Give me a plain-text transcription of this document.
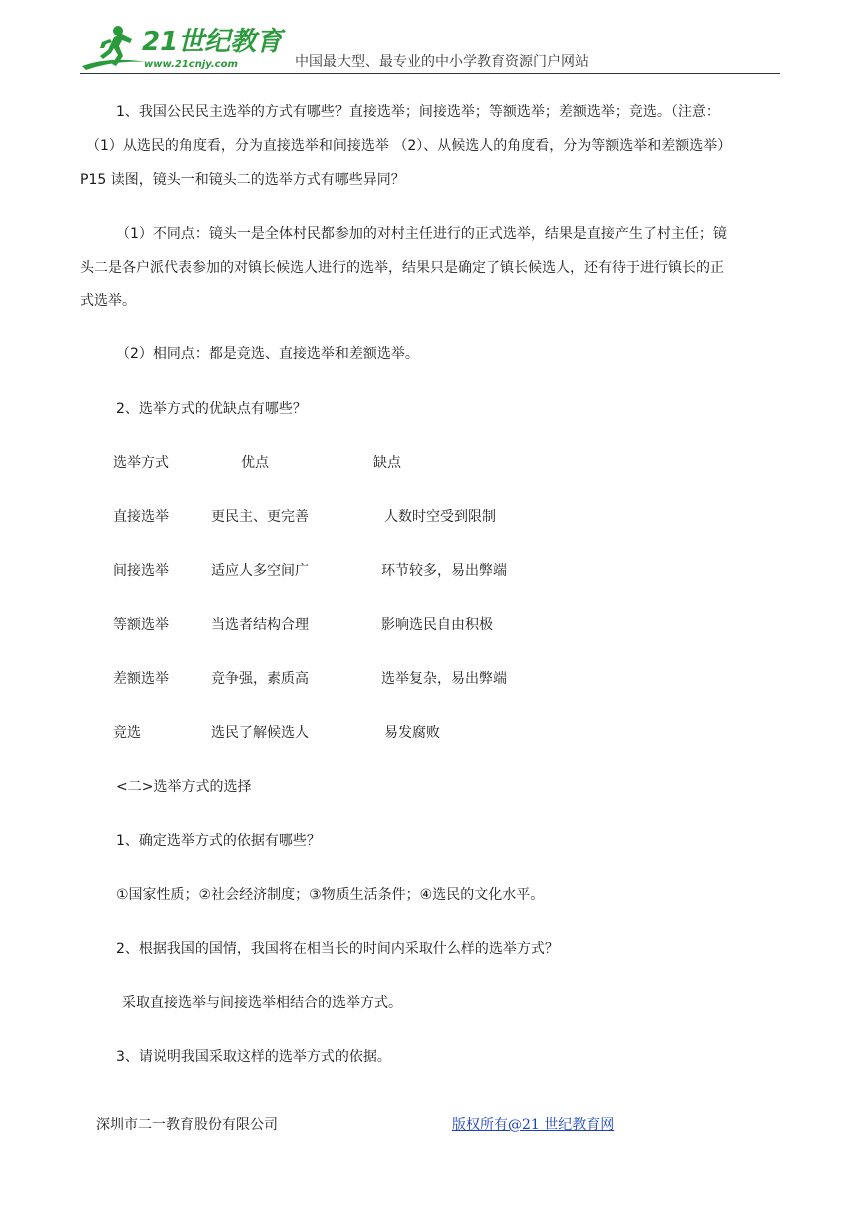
21世纪教育
www.21cnjy.com	中国最大型、最专业的中小学教育资源门户网站
1、我国公民民主选举的方式有哪些？直接选举；间接选举；等额选举；差额选举；竞选。（注意：
（1）从选民的角度看，分为直接选举和间接选举 （2）、从候选人的角度看，分为等额选举和差额选举）
P15 读图，镜头一和镜头二的选举方式有哪些异同？
（1）不同点：镜头一是全体村民都参加的对村主任进行的正式选举，结果是直接产生了村主任；镜
头二是各户派代表参加的对镇长候选人进行的选举，结果只是确定了镇长候选人，还有待于进行镇长的正
式选举。
（2）相同点：都是竞选、直接选举和差额选举。
2、选举方式的优缺点有哪些？
选举方式	优点	缺点
直接选举	更民主、更完善	人数时空受到限制
间接选举	适应人多空间广	环节较多，易出弊端
等额选举	当选者结构合理	影响选民自由积极
差额选举	竞争强，素质高	选举复杂，易出弊端
竞选	选民了解候选人	易发腐败
<二>选举方式的选择
1、确定选举方式的依据有哪些？
①国家性质；②社会经济制度；③物质生活条件；④选民的文化水平。
2、根据我国的国情，我国将在相当长的时间内采取什么样的选举方式？
采取直接选举与间接选举相结合的选举方式。
3、请说明我国采取这样的选举方式的依据。
深圳市二一教育股份有限公司	版权所有@21 世纪教育网
